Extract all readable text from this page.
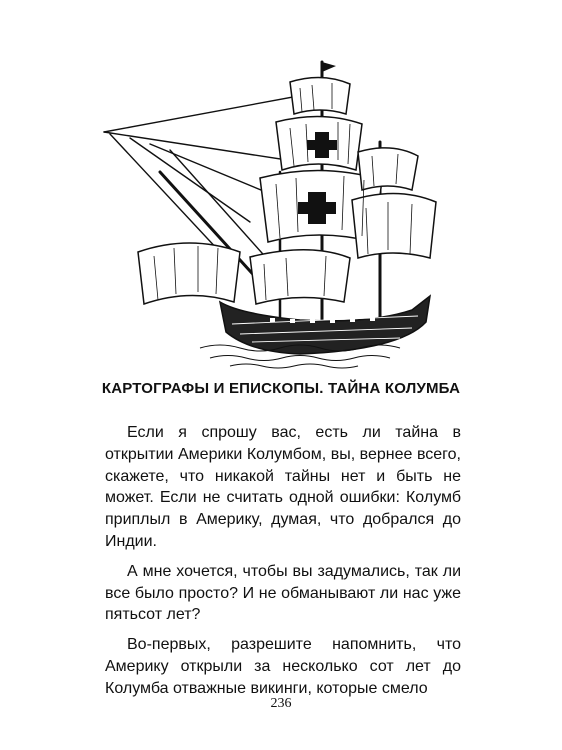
КАРТОГРАФЫ И ЕПИСКОПЫ. ТАЙНА КОЛУМБА

Если я спрошу вас, есть ли тайна в открытии Америки Колумбом, вы, вернее всего, скажете, что никакой тайны нет и быть не может. Если не считать одной ошибки: Колумб приплыл в Америку, думая, что добрался до Индии.

А мне хочется, чтобы вы задумались, так ли все было просто? И не обманывают ли нас уже пятьсот лет?

Во-первых, разрешите напомнить, что Америку открыли за несколько сот лет до Колумба отважные викинги, которые смело

236
